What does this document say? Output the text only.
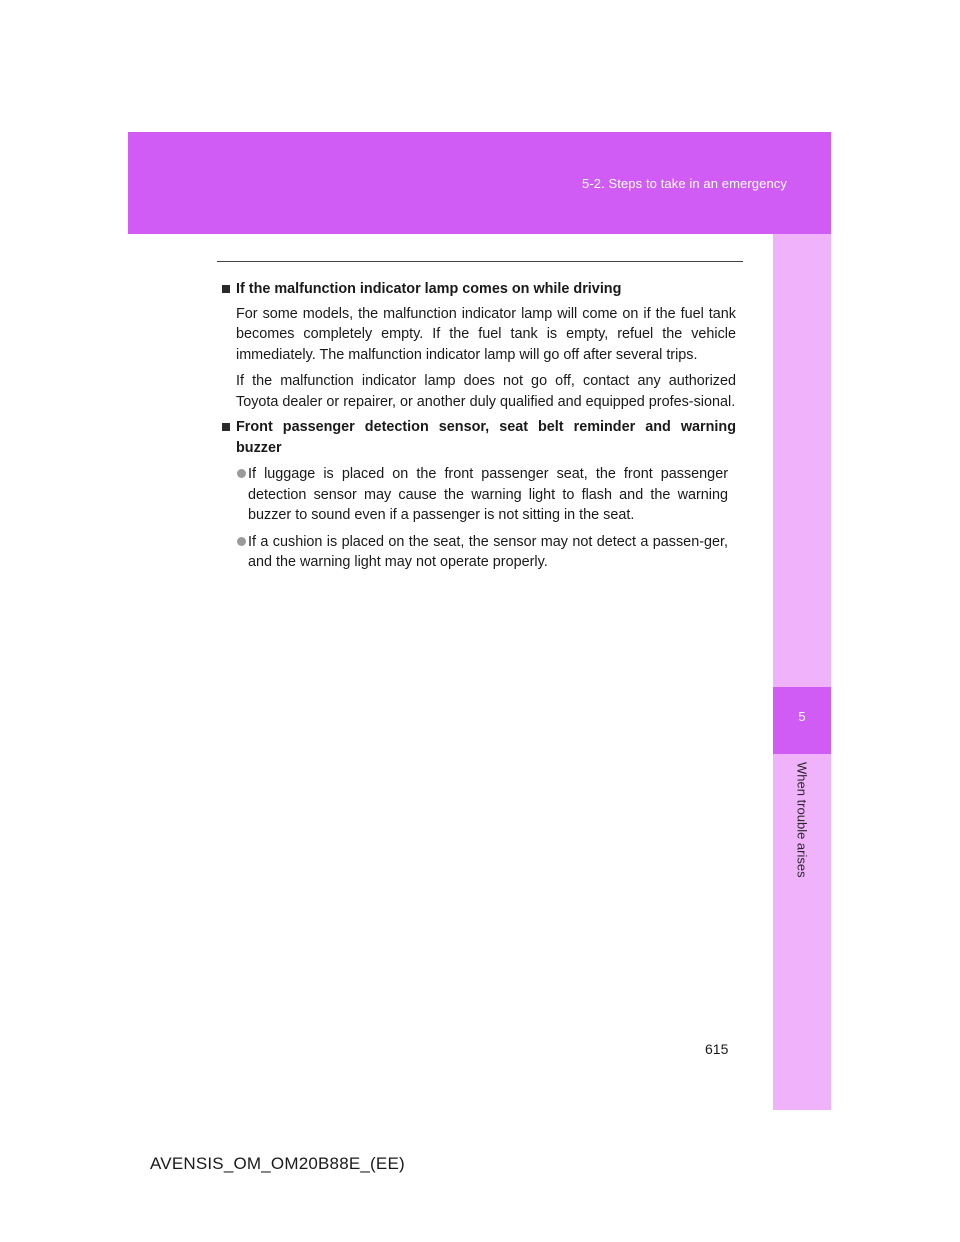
5-2. Steps to take in an emergency
5
When trouble arises
If the malfunction indicator lamp comes on while driving
For some models, the malfunction indicator lamp will come on if the fuel tank becomes completely empty. If the fuel tank is empty, refuel the vehicle immediately. The malfunction indicator lamp will go off after several trips.
If the malfunction indicator lamp does not go off, contact any authorized Toyota dealer or repairer, or another duly qualified and equipped profes-sional.
Front passenger detection sensor, seat belt reminder and warning buzzer
If luggage is placed on the front passenger seat, the front passenger detection sensor may cause the warning light to flash and the warning buzzer to sound even if a passenger is not sitting in the seat.
If a cushion is placed on the seat, the sensor may not detect a passen-ger, and the warning light may not operate properly.
615
AVENSIS_OM_OM20B88E_(EE)
